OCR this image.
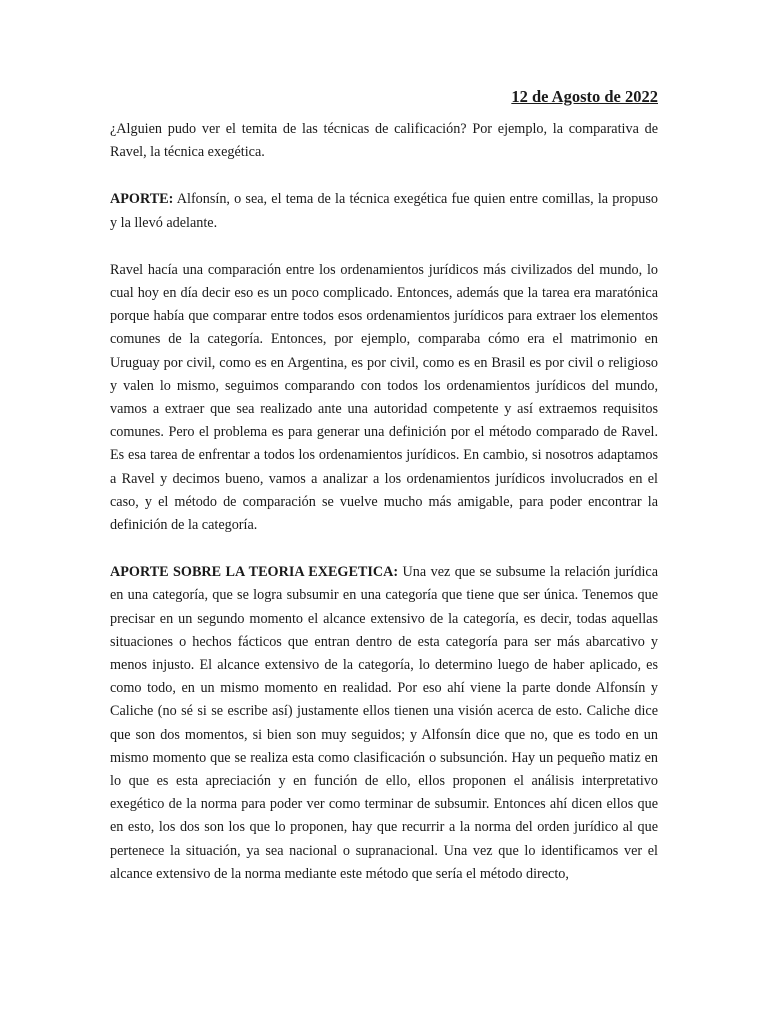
12 de Agosto de 2022

¿Alguien pudo ver el temita de las técnicas de calificación? Por ejemplo, la comparativa de Ravel, la técnica exegética.

APORTE: Alfonsín, o sea, el tema de la técnica exegética fue quien entre comillas, la propuso y la llevó adelante.

Ravel hacía una comparación entre los ordenamientos jurídicos más civilizados del mundo, lo cual hoy en día decir eso es un poco complicado. Entonces, además que la tarea era maratónica porque había que comparar entre todos esos ordenamientos jurídicos para extraer los elementos comunes de la categoría. Entonces, por ejemplo, comparaba cómo era el matrimonio en Uruguay por civil, como es en Argentina, es por civil, como es en Brasil es por civil o religioso y valen lo mismo, seguimos comparando con todos los ordenamientos jurídicos del mundo, vamos a extraer que sea realizado ante una autoridad competente y así extraemos requisitos comunes. Pero el problema es para generar una definición por el método comparado de Ravel. Es esa tarea de enfrentar a todos los ordenamientos jurídicos. En cambio, si nosotros adaptamos a Ravel y decimos bueno, vamos a analizar a los ordenamientos jurídicos involucrados en el caso, y el método de comparación se vuelve mucho más amigable, para poder encontrar la definición de la categoría.

APORTE SOBRE LA TEORIA EXEGETICA: Una vez que se subsume la relación jurídica en una categoría, que se logra subsumir en una categoría que tiene que ser única. Tenemos que precisar en un segundo momento el alcance extensivo de la categoría, es decir, todas aquellas situaciones o hechos fácticos que entran dentro de esta categoría para ser más abarcativo y menos injusto. El alcance extensivo de la categoría, lo determino luego de haber aplicado, es como todo, en un mismo momento en realidad. Por eso ahí viene la parte donde Alfonsín y Caliche (no sé si se escribe así) justamente ellos tienen una visión acerca de esto. Caliche dice que son dos momentos, si bien son muy seguidos; y Alfonsín dice que no, que es todo en un mismo momento que se realiza esta como clasificación o subsunción. Hay un pequeño matiz en lo que es esta apreciación y en función de ello, ellos proponen el análisis interpretativo exegético de la norma para poder ver como terminar de subsumir. Entonces ahí dicen ellos que en esto, los dos son los que lo proponen, hay que recurrir a la norma del orden jurídico al que pertenece la situación, ya sea nacional o supranacional. Una vez que lo identificamos ver el alcance extensivo de la norma mediante este método que sería el método directo,
